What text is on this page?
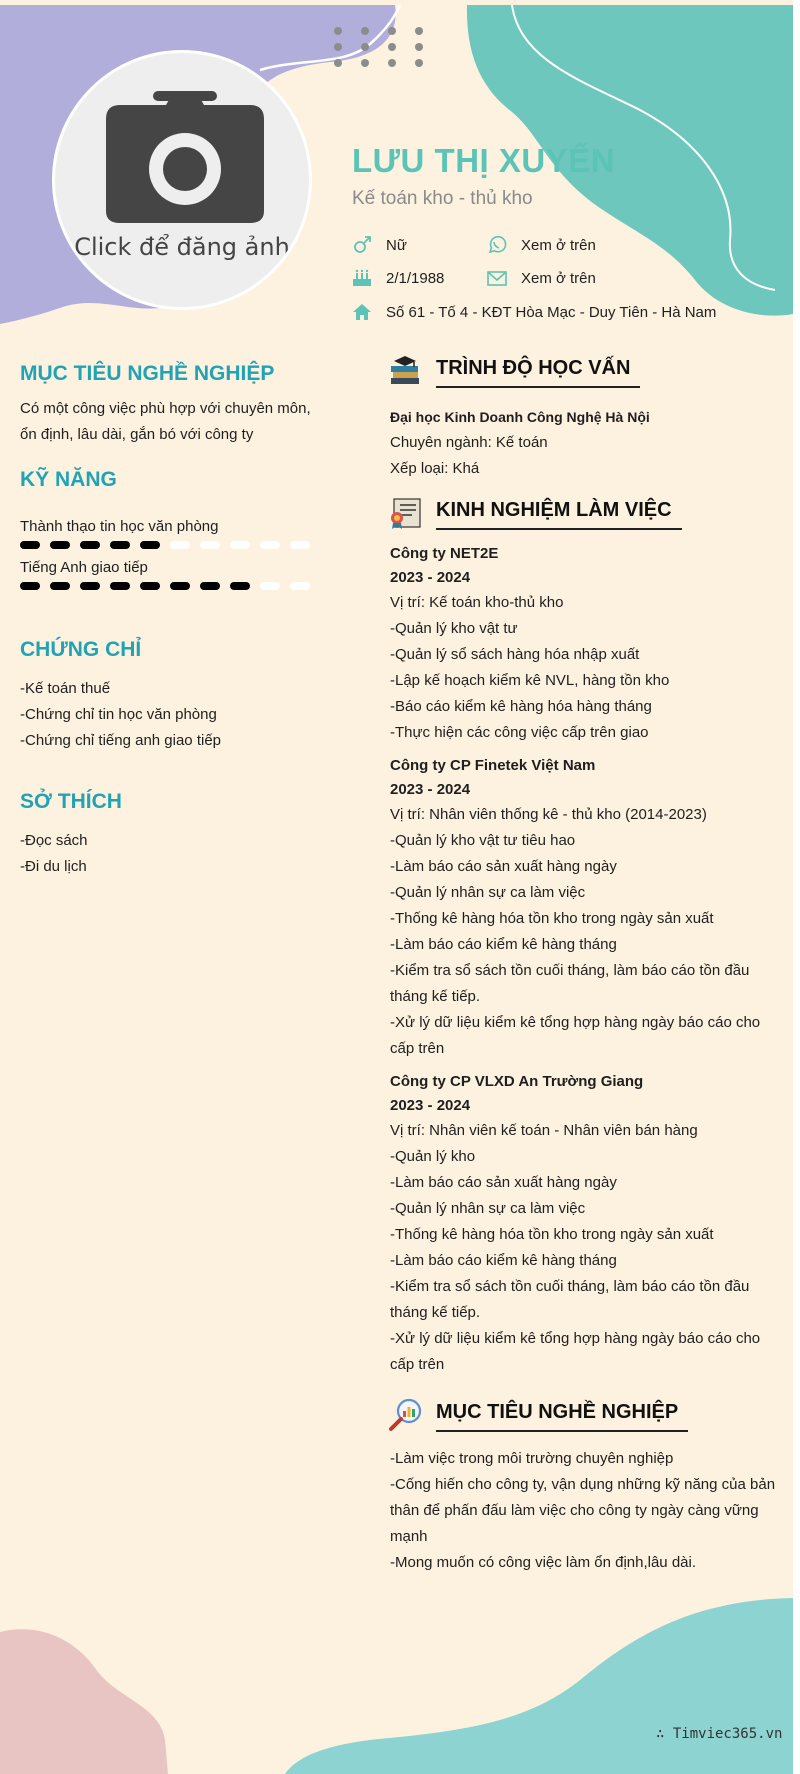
Click để đăng ảnh
LƯU THỊ XUYẾN
Kế toán kho - thủ kho
Nữ	Xem ở trên
2/1/1988	Xem ở trên
Số 61 - Tố 4 - KĐT Hòa Mạc - Duy Tiên - Hà Nam
MỤC TIÊU NGHỀ NGHIỆP
Có một công việc phù hợp với chuyên môn, ổn định, lâu dài, gắn bó với công ty
KỸ NĂNG
Thành thạo tin học văn phòng
Tiếng Anh giao tiếp
CHỨNG CHỈ
-Kế toán thuế
-Chứng chỉ tin học văn phòng
-Chứng chỉ tiếng anh giao tiếp
SỞ THÍCH
-Đọc sách
-Đi du lịch
TRÌNH ĐỘ HỌC VẤN
Đại học Kinh Doanh Công Nghệ Hà Nội
Chuyên ngành: Kế toán
Xếp loại: Khá
KINH NGHIỆM LÀM VIỆC
Công ty NET2E
2023 - 2024
Vị trí: Kế toán kho-thủ kho
-Quản lý kho vật tư
-Quản lý sổ sách hàng hóa nhập xuất
-Lập kế hoạch kiểm kê NVL, hàng tồn kho
-Báo cáo kiểm kê hàng hóa hàng tháng
-Thực hiện các công việc cấp trên giao
Công ty CP Finetek Việt Nam
2023 - 2024
Vị trí: Nhân viên thống kê - thủ kho (2014-2023)
-Quản lý kho vật tư tiêu hao
-Làm báo cáo sản xuất hàng ngày
-Quản lý nhân sự ca làm việc
-Thống kê hàng hóa tồn kho trong ngày sản xuất
-Làm báo cáo kiểm kê hàng tháng
-Kiểm tra sổ sách tồn cuối tháng, làm báo cáo tồn đầu tháng kế tiếp.
-Xử lý dữ liệu kiểm kê tổng hợp hàng ngày báo cáo cho cấp trên
Công ty CP VLXD An Trường Giang
2023 - 2024
Vị trí: Nhân viên kế toán - Nhân viên bán hàng
-Quản lý kho
-Làm báo cáo sản xuất hàng ngày
-Quản lý nhân sự ca làm việc
-Thống kê hàng hóa tồn kho trong ngày sản xuất
-Làm báo cáo kiểm kê hàng tháng
-Kiểm tra sổ sách tồn cuối tháng, làm báo cáo tồn đầu tháng kế tiếp.
-Xử lý dữ liệu kiểm kê tổng hợp hàng ngày báo cáo cho cấp trên
MỤC TIÊU NGHỀ NGHIỆP
-Làm việc trong môi trường chuyên nghiệp
-Cống hiến cho công ty, vận dụng những kỹ năng của bản thân để phấn đấu làm việc cho công ty ngày càng vững mạnh
-Mong muốn có công việc làm ổn định,lâu dài.
∴ Timviec365.vn
